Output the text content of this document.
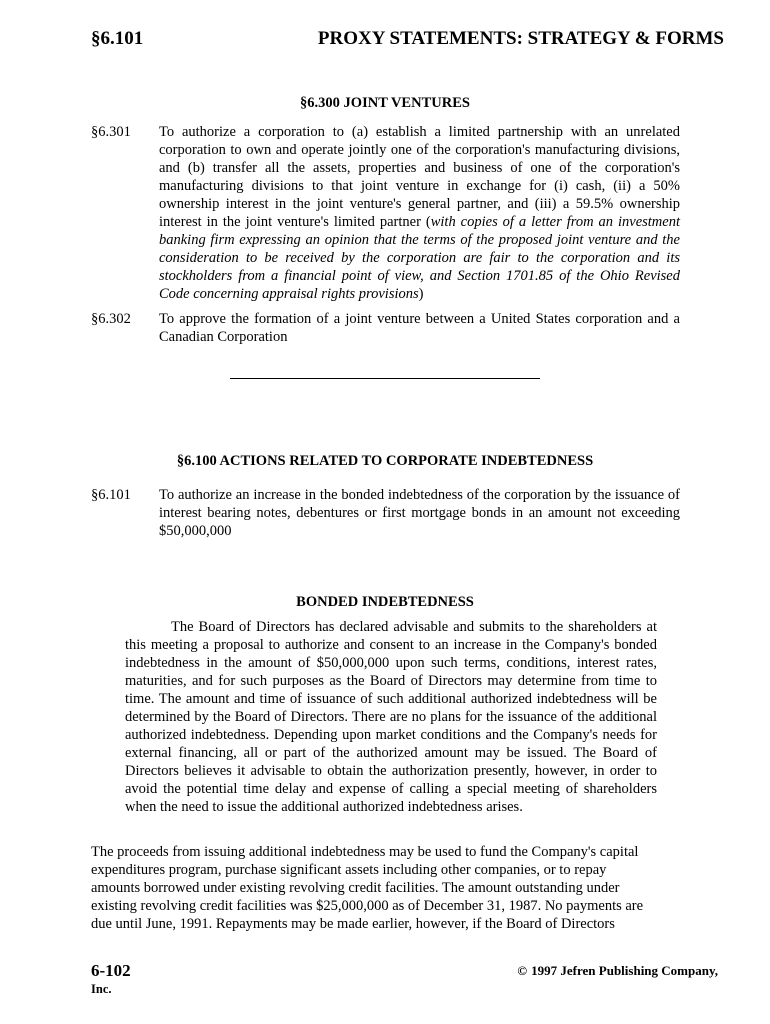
§6.101	PROXY STATEMENTS: STRATEGY & FORMS
§6.300 JOINT VENTURES
§6.301	To authorize a corporation to (a) establish a limited partnership with an unrelated corporation to own and operate jointly one of the corporation's manufacturing divisions, and (b) transfer all the assets, properties and business of one of the corporation's manufacturing divisions to that joint venture in exchange for (i) cash, (ii) a 50% ownership interest in the joint venture's general partner, and (iii) a 59.5% ownership interest in the joint venture's limited partner (with copies of a letter from an investment banking firm expressing an opinion that the terms of the proposed joint venture and the consideration to be received by the corporation are fair to the corporation and its stockholders from a financial point of view, and Section 1701.85 of the Ohio Revised Code concerning appraisal rights provisions)
§6.302	To approve the formation of a joint venture between a United States corporation and a Canadian Corporation
§6.100 ACTIONS RELATED TO CORPORATE INDEBTEDNESS
§6.101	To authorize an increase in the bonded indebtedness of the corporation by the issuance of interest bearing notes, debentures or first mortgage bonds in an amount not exceeding $50,000,000
BONDED INDEBTEDNESS

The Board of Directors has declared advisable and submits to the shareholders at this meeting a proposal to authorize and consent to an increase in the Company's bonded indebtedness in the amount of $50,000,000 upon such terms, conditions, interest rates, maturities, and for such purposes as the Board of Directors may determine from time to time. The amount and time of issuance of such additional authorized indebtedness will be determined by the Board of Directors. There are no plans for the issuance of the additional authorized indebtedness. Depending upon market conditions and the Company's needs for external financing, all or part of the authorized amount may be issued. The Board of Directors believes it advisable to obtain the authorization presently, however, in order to avoid the potential time delay and expense of calling a special meeting of shareholders when the need to issue the additional authorized indebtedness arises.

The proceeds from issuing additional indebtedness may be used to fund the Company's capital

expenditures program, purchase significant assets including other companies, or to repay

amounts borrowed under existing revolving credit facilities. The amount outstanding under

existing revolving credit facilities was $25,000,000 as of December 31, 1987. No payments are

due until June, 1991. Repayments may be made earlier, however, if the Board of Directors

6-102
Inc.
© 1997 Jefren Publishing Company,
